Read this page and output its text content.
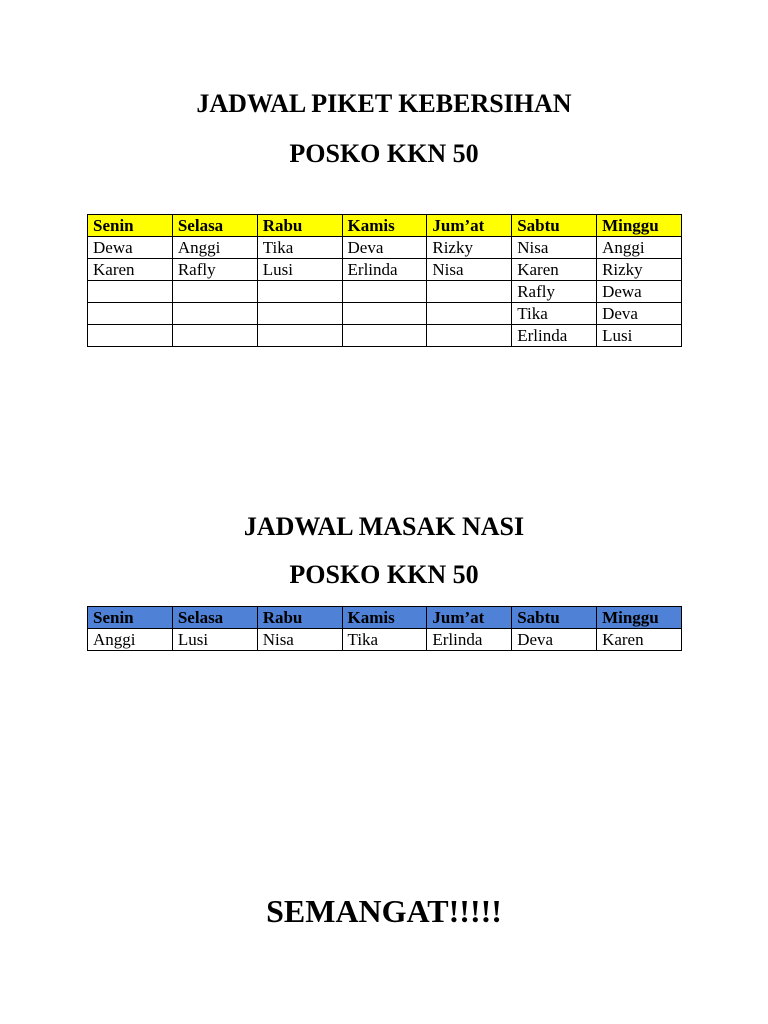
JADWAL PIKET KEBERSIHAN
POSKO KKN 50
Senin	Selasa	Rabu	Kamis	Jum’at	Sabtu	Minggu
Dewa	Anggi	Tika	Deva	Rizky	Nisa	Anggi
Karen	Rafly	Lusi	Erlinda	Nisa	Karen	Rizky
					Rafly	Dewa
					Tika	Deva
					Erlinda	Lusi
JADWAL MASAK NASI
POSKO KKN 50
Senin	Selasa	Rabu	Kamis	Jum’at	Sabtu	Minggu
Anggi	Lusi	Nisa	Tika	Erlinda	Deva	Karen
SEMANGAT!!!!!
